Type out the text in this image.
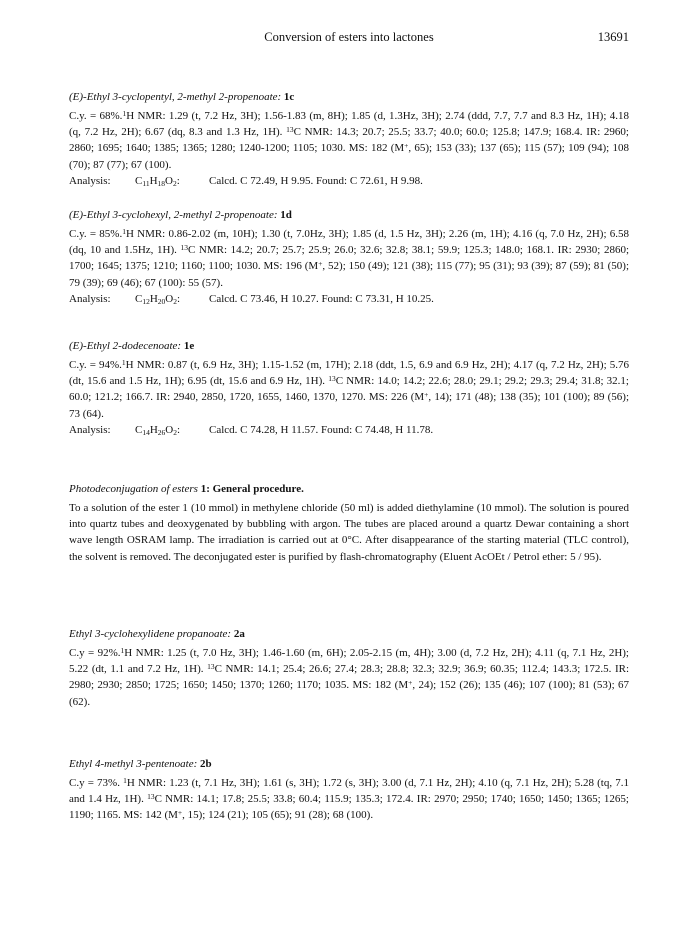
Conversion of esters into lactones	13691

(E)-Ethyl 3-cyclopentyl, 2-methyl 2-propenoate: 1c

C.y. = 68%.$^1$H NMR: 1.29 (t, 7.2 Hz, 3H); 1.56-1.83 (m, 8H); 1.85 (d, 1.3Hz, 3H); 2.74 (ddd, 7.7, 7.7 and 8.3 Hz, 1H); 4.18 (q, 7.2 Hz, 2H); 6.67 (dq, 8.3 and 1.3 Hz, 1H). $^{13}$C NMR: 14.3; 20.7; 25.5; 33.7; 40.0; 60.0; 125.8; 147.9; 168.4. IR: 2960; 2860; 1695; 1640; 1385; 1365; 1280; 1240-1200; 1105; 1030. MS: 182 (M+, 65); 153 (33); 137 (65); 115 (57); 109 (94); 108 (70); 87 (77); 67 (100).

Analysis: $C_{11}H_{18}O_2$:	Calcd. C 72.49, H 9.95. Found: C 72.61, H 9.98.

(E)-Ethyl 3-cyclohexyl, 2-methyl 2-propenoate: 1d

C.y. = 85%.$^1$H NMR: 0.86-2.02 (m, 10H); 1.30 (t, 7.0Hz, 3H); 1.85 (d, 1.5 Hz, 3H); 2.26 (m, 1H); 4.16 (q, 7.0 Hz, 2H); 6.58 (dq, 10 and 1.5Hz, 1H). $^{13}$C NMR: 14.2; 20.7; 25.7; 25.9; 26.0; 32.6; 32.8; 38.1; 59.9; 125.3; 148.0; 168.1. IR: 2930; 2860; 1700; 1645; 1375; 1210; 1160; 1100; 1030. MS: 196 (M+, 52); 150 (49); 121 (38); 115 (77); 95 (31); 93 (39); 87 (59); 81 (50); 79 (39); 69 (46); 67 (100): 55 (57).

Analysis: $C_{12}H_{20}O_2$:	Calcd. C 73.46, H 10.27. Found: C 73.31, H 10.25.

(E)-Ethyl 2-dodecenoate: 1e

C.y. = 94%.$^1$H NMR: 0.87 (t, 6.9 Hz, 3H); 1.15-1.52 (m, 17H); 2.18 (ddt, 1.5, 6.9 and 6.9 Hz, 2H); 4.17 (q, 7.2 Hz, 2H); 5.76 (dt, 15.6 and 1.5 Hz, 1H); 6.95 (dt, 15.6 and 6.9 Hz, 1H). $^{13}$C NMR: 14.0; 14.2; 22.6; 28.0; 29.1; 29.2; 29.3; 29.4; 31.8; 32.1; 60.0; 121.2; 166.7. IR: 2940, 2850, 1720, 1655, 1460, 1370, 1270. MS: 226 (M+, 14); 171 (48); 138 (35); 101 (100); 89 (56); 73 (64).

Analysis: $C_{14}H_{26}O_2$:	Calcd. C 74.28, H 11.57. Found: C 74.48, H 11.78.

Photodeconjugation of esters 1: General procedure.

To a solution of the ester 1 (10 mmol) in methylene chloride (50 ml) is added diethylamine (10 mmol). The solution is poured into quartz tubes and deoxygenated by bubbling with argon. The tubes are placed around a quartz Dewar containing a short wave length OSRAM lamp. The irradiation is carried out at 0°C. After disappearance of the starting material (TLC control), the solvent is removed. The deconjugated ester is purified by flash-chromatography (Eluent AcOEt / Petrol ether: 5 / 95).

Ethyl 3-cyclohexylidene propanoate: 2a

C.y = 92%.$^1$H NMR: 1.25 (t, 7.0 Hz, 3H); 1.46-1.60 (m, 6H); 2.05-2.15 (m, 4H); 3.00 (d, 7.2 Hz, 2H); 4.11 (q, 7.1 Hz, 2H); 5.22 (dt, 1.1 and 7.2 Hz, 1H). $^{13}$C NMR: 14.1; 25.4; 26.6; 27.4; 28.3; 28.8; 32.3; 32.9; 36.9; 60.35; 112.4; 143.3; 172.5. IR: 2980; 2930; 2850; 1725; 1650; 1450; 1370; 1260; 1170; 1035. MS: 182 (M+, 24); 152 (26); 135 (46); 107 (100); 81 (53); 67 (62).

Ethyl 4-methyl 3-pentenoate: 2b

C.y = 73%. $^1$H NMR: 1.23 (t, 7.1 Hz, 3H); 1.61 (s, 3H); 1.72 (s, 3H); 3.00 (d, 7.1 Hz, 2H); 4.10 (q, 7.1 Hz, 2H); 5.28 (tq, 7.1 and 1.4 Hz, 1H). $^{13}$C NMR: 14.1; 17.8; 25.5; 33.8; 60.4; 115.9; 135.3; 172.4. IR: 2970; 2950; 1740; 1650; 1450; 1365; 1265; 1190; 1165. MS: 142 (M+, 15); 124 (21); 105 (65); 91 (28); 68 (100).
